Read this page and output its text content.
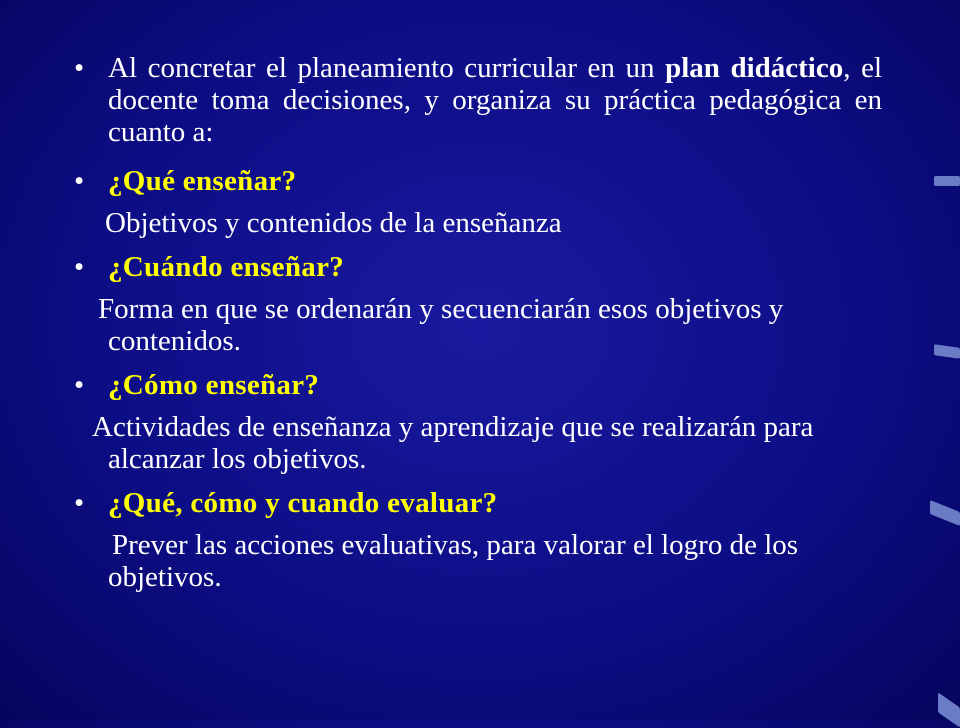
• Al concretar el planeamiento curricular en un plan didáctico, el docente toma decisiones, y organiza su práctica pedagógica en cuanto a:
• ¿Qué enseñar?
Objetivos y contenidos de la enseñanza
• ¿Cuándo enseñar?
Forma en que se ordenarán y secuenciarán esos objetivos y contenidos.
• ¿Cómo enseñar?
Actividades de enseñanza y aprendizaje que se realizarán para alcanzar los objetivos.
• ¿Qué, cómo y cuando evaluar?
Prever las acciones evaluativas, para valorar el logro de los objetivos.
